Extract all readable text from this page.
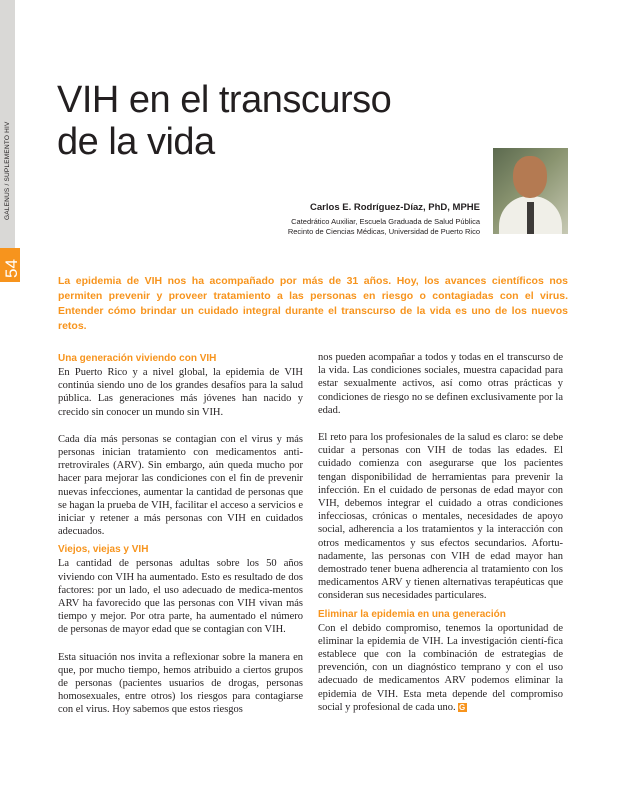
GALENUS / SUPLEMENTO HIV
54
VIH en el transcurso
de la vida
Carlos E. Rodríguez-Díaz, PhD, MPHE
Catedrático Auxiliar, Escuela Graduada de Salud Pública
Recinto de Ciencias Médicas, Universidad de Puerto Rico

La epidemia de VIH nos ha acompañado por más de 31 años. Hoy, los avances científicos nos permiten prevenir y proveer tratamiento a las personas en riesgo o contagiadas con el virus. Entender cómo brindar un cuidado integral durante el transcurso de la vida es uno de los nuevos retos.

Una generación viviendo con VIH

En Puerto Rico y a nivel global, la epidemia de VIH continúa siendo uno de los grandes desafíos para la salud pública. Las generaciones más jóvenes han nacido y crecido sin conocer un mundo sin VIH.

Cada día más personas se contagian con el virus y más personas inician tratamiento con medicamentos anti-rretrovirales (ARV). Sin embargo, aún queda mucho por hacer para mejorar las condiciones con el fin de prevenir nuevas infecciones, aumentar la cantidad de personas que se hagan la prueba de VIH, facilitar el acceso a servicios e iniciar y retener a más personas con VIH en cuidados adecuados.

Viejos, viejas y VIH

La cantidad de personas adultas sobre los 50 años viviendo con VIH ha aumentado. Esto es resultado de dos factores: por un lado, el uso adecuado de medica-mentos ARV ha favorecido que las personas con VIH vivan más tiempo y mejor. Por otra parte, ha aumentado el número de personas de mayor edad que se contagian con VIH.

Esta situación nos invita a reflexionar sobre la manera en que, por mucho tiempo, hemos atribuido a ciertos grupos de personas (pacientes usuarios de drogas, personas homosexuales, entre otros) los riesgos para contagiarse con el virus. Hoy sabemos que estos riesgos

nos pueden acompañar a todos y todas en el transcurso de la vida. Las condiciones sociales, muestra capacidad para estar sexualmente activos, así como otras prácticas y condiciones de riesgo no se definen exclusivamente por la edad.

El reto para los profesionales de la salud es claro: se debe cuidar a personas con VIH de todas las edades. El cuidado comienza con asegurarse que los pacientes tengan disponibilidad de herramientas para prevenir la infección. En el cuidado de personas de edad mayor con VIH, debemos integrar el cuidado a otras condiciones infecciosas, crónicas o mentales, necesidades de apoyo social, adherencia a los tratamientos y la interacción con otros medicamentos y sus efectos secundarios. Afortu-nadamente, las personas con VIH de edad mayor han demostrado tener buena adherencia al tratamiento con los medicamentos ARV y tienen alternativas terapéuticas que consideran sus necesidades particulares.

Eliminar la epidemia en una generación

Con el debido compromiso, tenemos la oportunidad de eliminar la epidemia de VIH. La investigación cientí-fica establece que con la combinación de estrategias de prevención, con un diagnóstico temprano y con el uso adecuado de medicamentos ARV podemos eliminar la epidemia de VIH. Esta meta depende del compromiso social y profesional de cada uno. G
